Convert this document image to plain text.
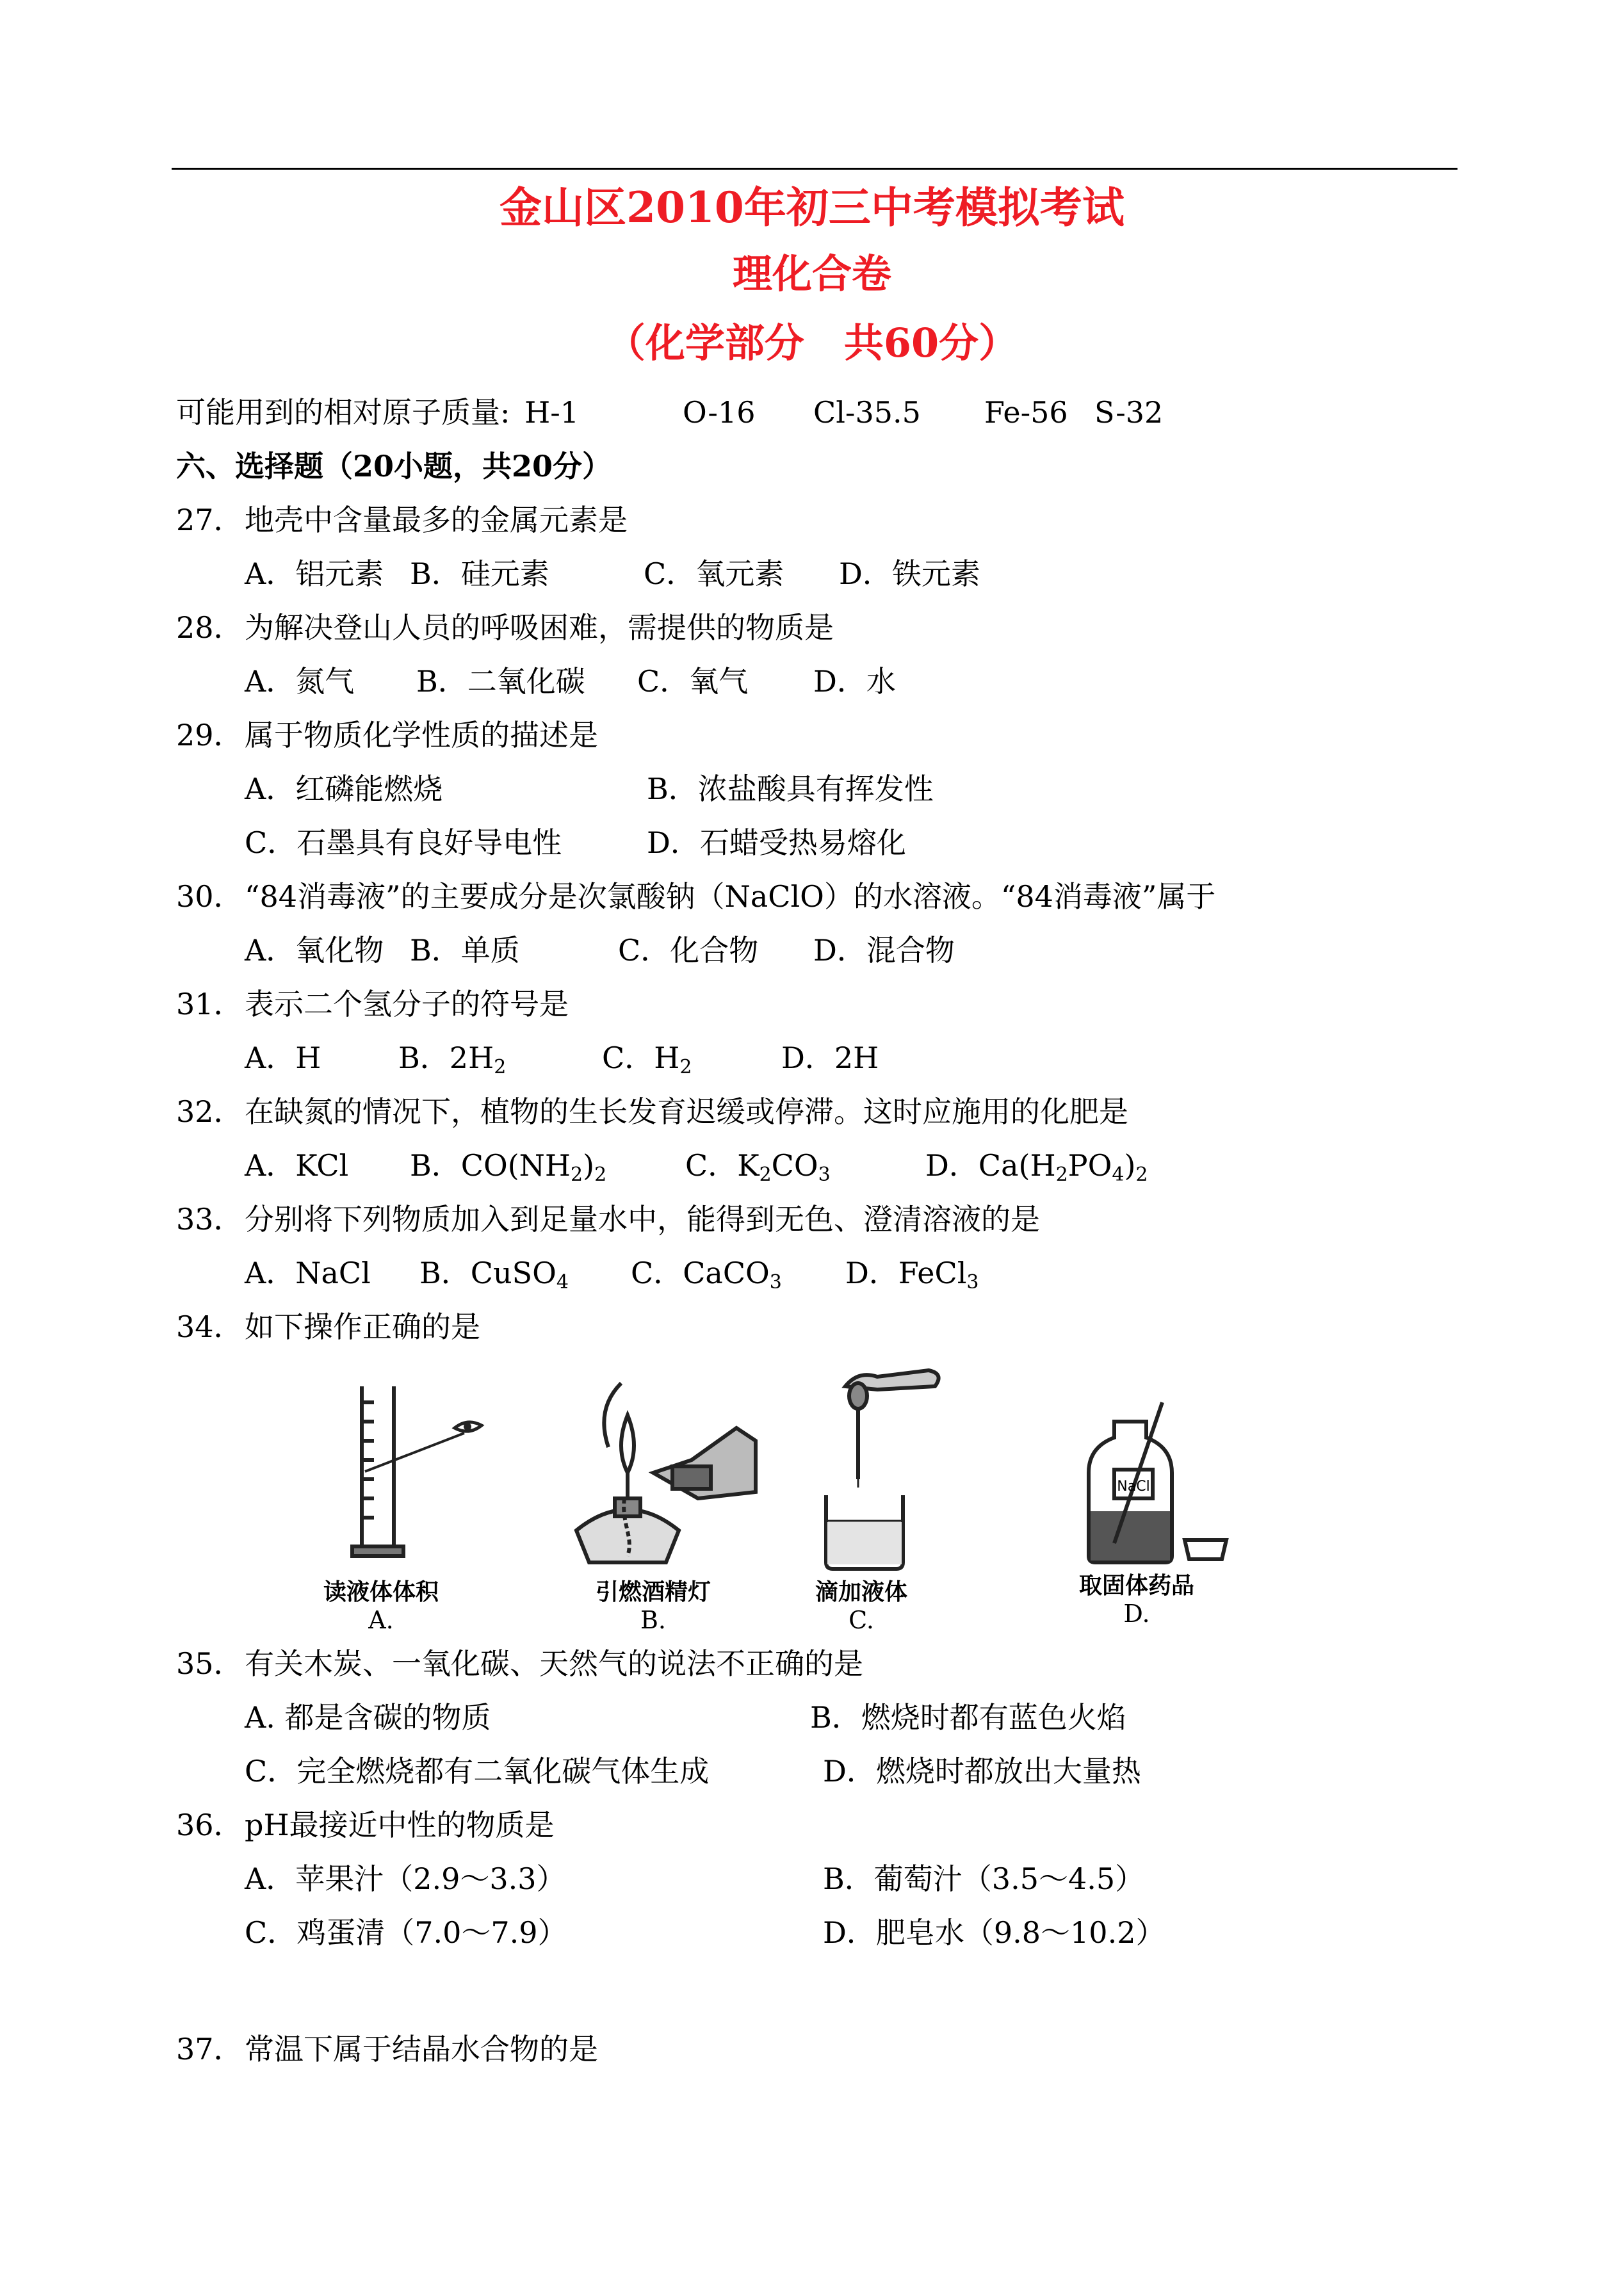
金山区2010年初三中考模拟考试
理化合卷
（化学部分　共60分）
可能用到的相对原子质量: H-1	O-16 Cl-35.5 Fe-56 S-32
六、选择题（20小题，共20分）
27． 地壳中含量最多的金属元素是
A．铝元素 B．硅元素	C．氧元素 D．铁元素
28． 为解决登山人员的呼吸困难，需提供的物质是
A．氮气 B．二氧化碳 C．氧气 D．水
29． 属于物质化学性质的描述是
A．红磷能燃烧	B．浓盐酸具有挥发性
C．石墨具有良好导电性	D．石蜡受热易熔化
30． “84消毒液”的主要成分是次氯酸钠（NaClO）的水溶液。“84消毒液”属于
A．氧化物 B．单质	C．化合物 D．混合物
31． 表示二个氢分子的符号是
A．H	B．$2H_2$	C．$H_2$	D．2H
32． 在缺氮的情况下，植物的生长发育迟缓或停滞。这时应施用的化肥是
A．KCl B．$CO(NH_2)_2$	C．$K_2CO_3$	D．$Ca(H_2PO_4)_2$
33． 分别将下列物质加入到足量水中，能得到无色、澄清溶液的是
A．NaCl B．CuSO$_4$ C．CaCO$_3$ D．FeCl$_3$
34． 如下操作正确的是
读液体体积
A.
引燃酒精灯
B.
滴加液体
C.
NaCl
取固体药品
D.
35． 有关木炭、一氧化碳、天然气的说法不正确的是
A. 都是含碳的物质	B．燃烧时都有蓝色火焰
C．完全燃烧都有二氧化碳气体生成	D．燃烧时都放出大量热
36． pH最接近中性的物质是
A．苹果汁（2.9～3.3）	B．葡萄汁（3.5～4.5）
C．鸡蛋清（7.0～7.9）	D．肥皂水（9.8～10.2）
37． 常温下属于结晶水合物的是
